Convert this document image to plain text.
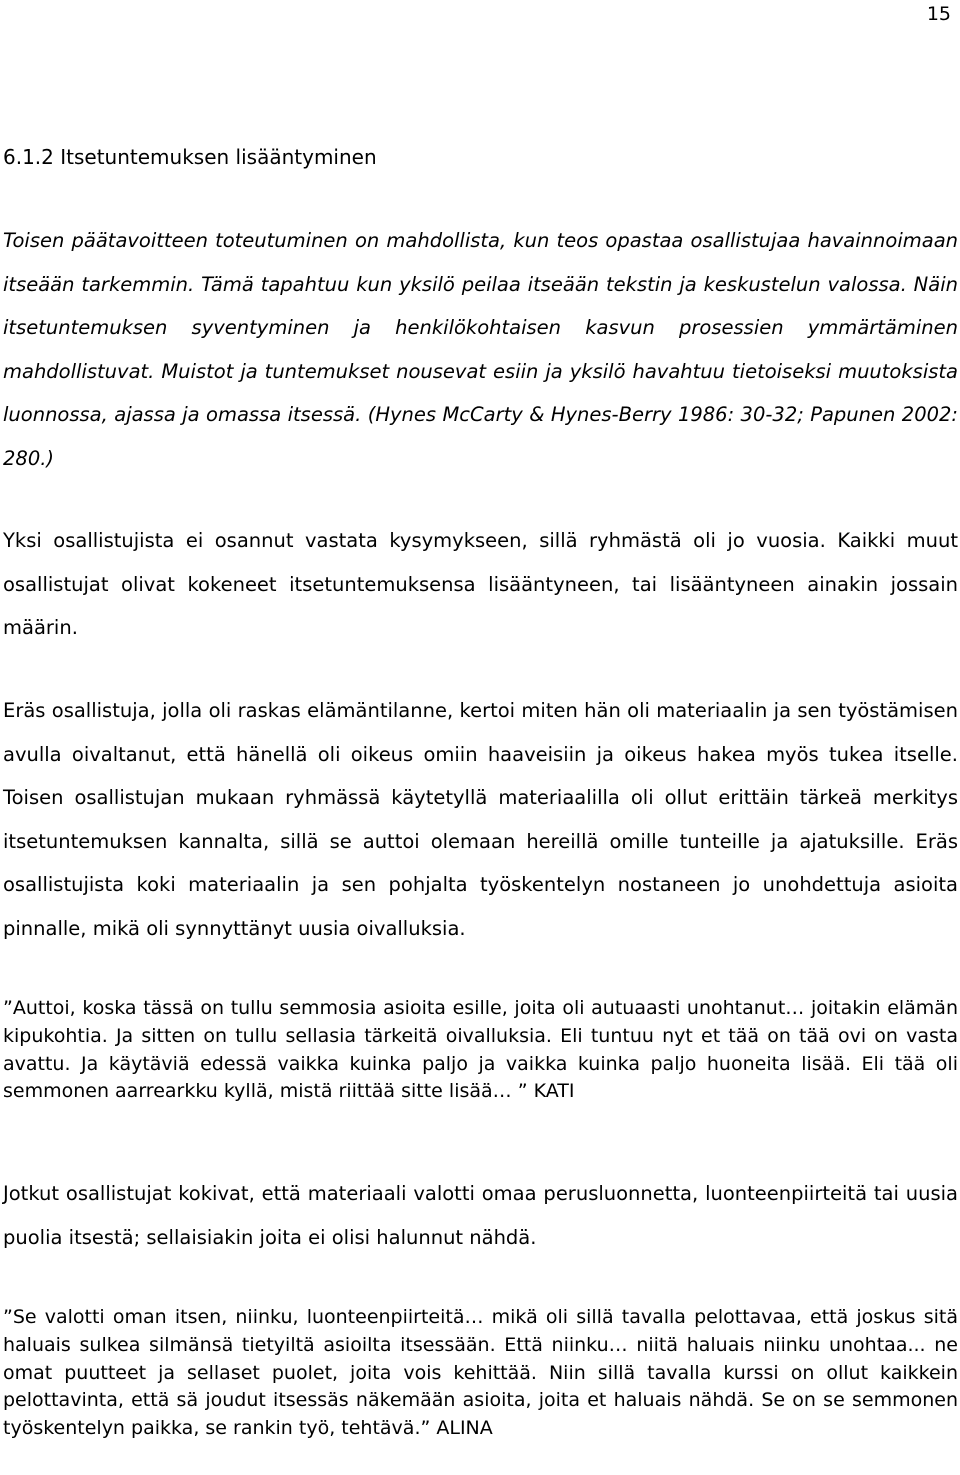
15
6.1.2 Itsetuntemuksen lisääntyminen

Toisen päätavoitteen toteutuminen on mahdollista, kun teos opastaa osallistujaa havainnoimaan itseään tarkemmin. Tämä tapahtuu kun yksilö peilaa itseään tekstin ja keskustelun valossa. Näin itsetuntemuksen syventyminen ja henkilökohtaisen kasvun prosessien ymmärtäminen mahdollistuvat. Muistot ja tuntemukset nousevat esiin ja yksilö havahtuu tietoiseksi muutoksista luonnossa, ajassa ja omassa itsessä. (Hynes McCarty & Hynes-Berry 1986: 30-32; Papunen 2002: 280.)

Yksi osallistujista ei osannut vastata kysymykseen, sillä ryhmästä oli jo vuosia. Kaikki muut osallistujat olivat kokeneet itsetuntemuksensa lisääntyneen, tai lisääntyneen ainakin jossain määrin.

Eräs osallistuja, jolla oli raskas elämäntilanne, kertoi miten hän oli materiaalin ja sen työstämisen avulla oivaltanut, että hänellä oli oikeus omiin haaveisiin ja oikeus hakea myös tukea itselle. Toisen osallistujan mukaan ryhmässä käytetyllä materiaalilla oli ollut erittäin tärkeä merkitys itsetuntemuksen kannalta, sillä se auttoi olemaan hereillä omille tunteille ja ajatuksille. Eräs osallistujista koki materiaalin ja sen pohjalta työskentelyn nostaneen jo unohdettuja asioita pinnalle, mikä oli synnyttänyt uusia oivalluksia.

”Auttoi, koska tässä on tullu semmosia asioita esille, joita oli autuaasti unohtanut… joitakin elämän kipukohtia. Ja sitten on tullu sellasia tärkeitä oivalluksia. Eli tuntuu nyt et tää on tää ovi on vasta avattu. Ja käytäviä edessä vaikka kuinka paljo ja vaikka kuinka paljo huoneita lisää. Eli tää oli semmonen aarrearkku kyllä, mistä riittää sitte lisää… ” KATI

Jotkut osallistujat kokivat, että materiaali valotti omaa perusluonnetta, luonteenpiirteitä tai uusia puolia itsestä; sellaisiakin joita ei olisi halunnut nähdä.

”Se valotti oman itsen, niinku, luonteenpiirteitä… mikä oli sillä tavalla pelottavaa, että joskus sitä haluais sulkea silmänsä tietyiltä asioilta itsessään. Että niinku… niitä haluais niinku unohtaa... ne omat puutteet ja sellaset puolet, joita vois kehittää. Niin sillä tavalla kurssi on ollut kaikkein pelottavinta, että sä joudut itsessäs näkemään asioita, joita et haluais nähdä. Se on se semmonen työskentelyn paikka, se rankin työ, tehtävä.” ALINA
